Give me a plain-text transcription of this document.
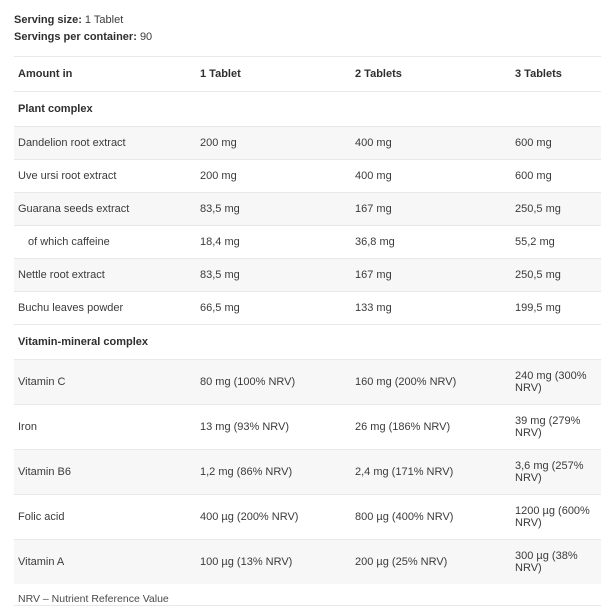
Serving size: 1 Tablet
Servings per container: 90
Amount in	1 Tablet	2 Tablets	3 Tablets
Plant complex			
Dandelion root extract	200 mg	400 mg	600 mg
Uve ursi root extract	200 mg	400 mg	600 mg
Guarana seeds extract	83,5 mg	167 mg	250,5 mg
of which caffeine	18,4 mg	36,8 mg	55,2 mg
Nettle root extract	83,5 mg	167 mg	250,5 mg
Buchu leaves powder	66,5 mg	133 mg	199,5 mg
Vitamin-mineral complex			
Vitamin C	80 mg (100% NRV)	160 mg (200% NRV)	240 mg (300% NRV)
Iron	13 mg (93% NRV)	26 mg (186% NRV)	39 mg (279% NRV)
Vitamin B6	1,2 mg (86% NRV)	2,4 mg (171% NRV)	3,6 mg (257% NRV)
Folic acid	400 µg (200% NRV)	800 µg (400% NRV)	1200 µg (600% NRV)
Vitamin A	100 µg (13% NRV)	200 µg (25% NRV)	300 µg (38% NRV)
NRV – Nutrient Reference Value
